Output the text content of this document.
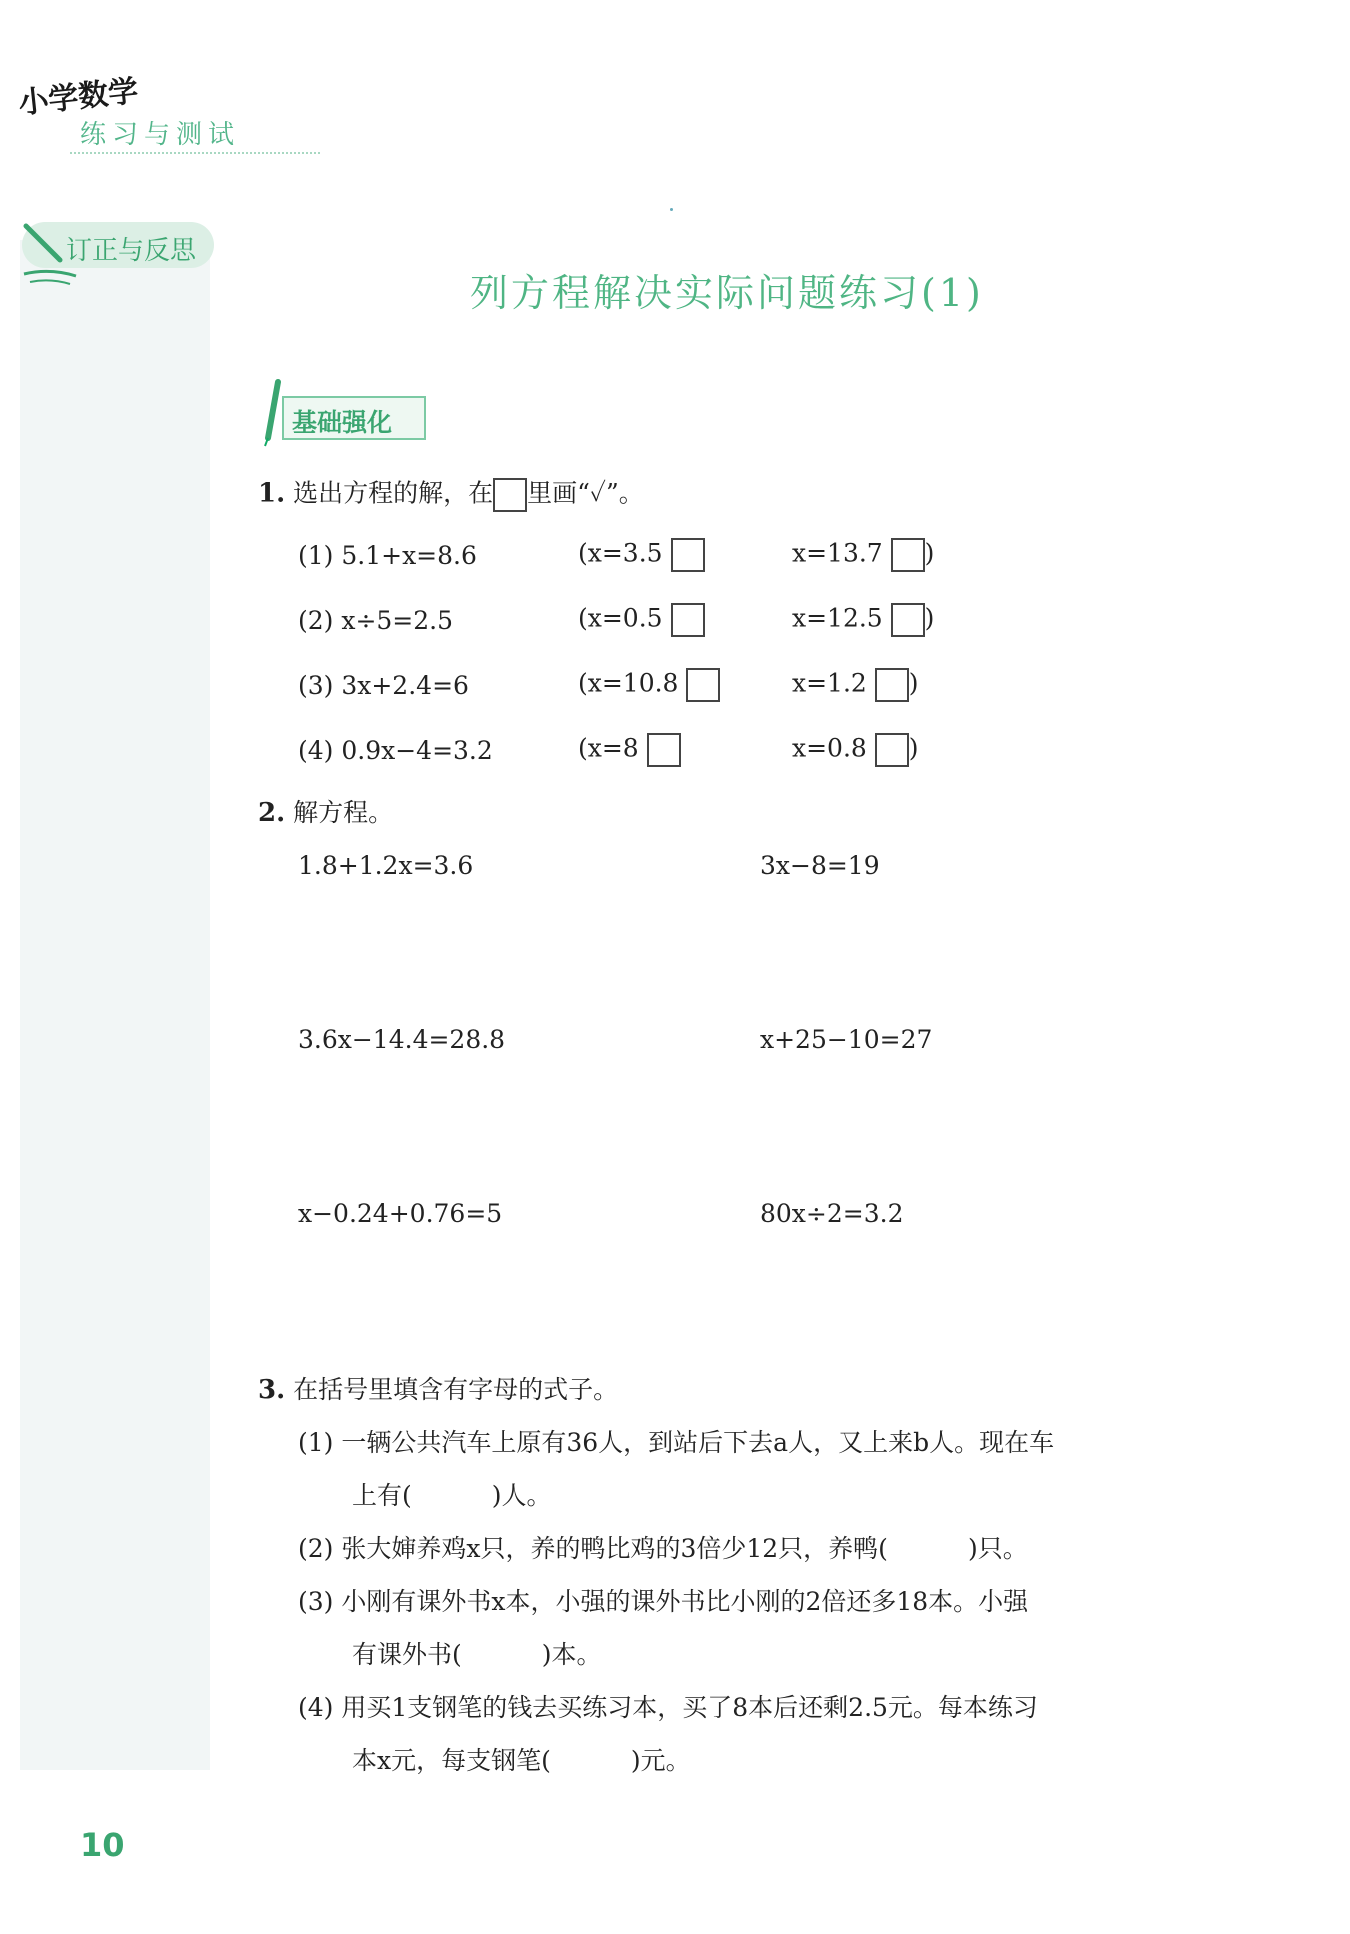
小学数学
练习与测试
订正与反思
列方程解决实际问题练习(1)
基础强化
1. 选出方程的解，在 里画“✓”。
(1) 5.1+x=8.6	(x=3.5	x=13.7 )
(2) x÷5=2.5	(x=0.5	x=12.5 )
(3) 3x+2.4=6	(x=10.8	x=1.2 )
(4) 0.9x−4=3.2	(x=8	x=0.8 )
2. 解方程。
1.8+1.2x=3.6	3x−8=19
3.6x−14.4=28.8	x+25−10=27
x−0.24+0.76=5	80x÷2=3.2
3. 在括号里填含有字母的式子。
(1) 一辆公共汽车上原有36人，到站后下去a人，又上来b人。现在车
上有(	)人。
(2) 张大婶养鸡x只，养的鸭比鸡的3倍少12只，养鸭(	)只。
(3) 小刚有课外书x本，小强的课外书比小刚的2倍还多18本。小强
有课外书(	)本。
(4) 用买1支钢笔的钱去买练习本，买了8本后还剩2.5元。每本练习
本x元，每支钢笔(	)元。
10
